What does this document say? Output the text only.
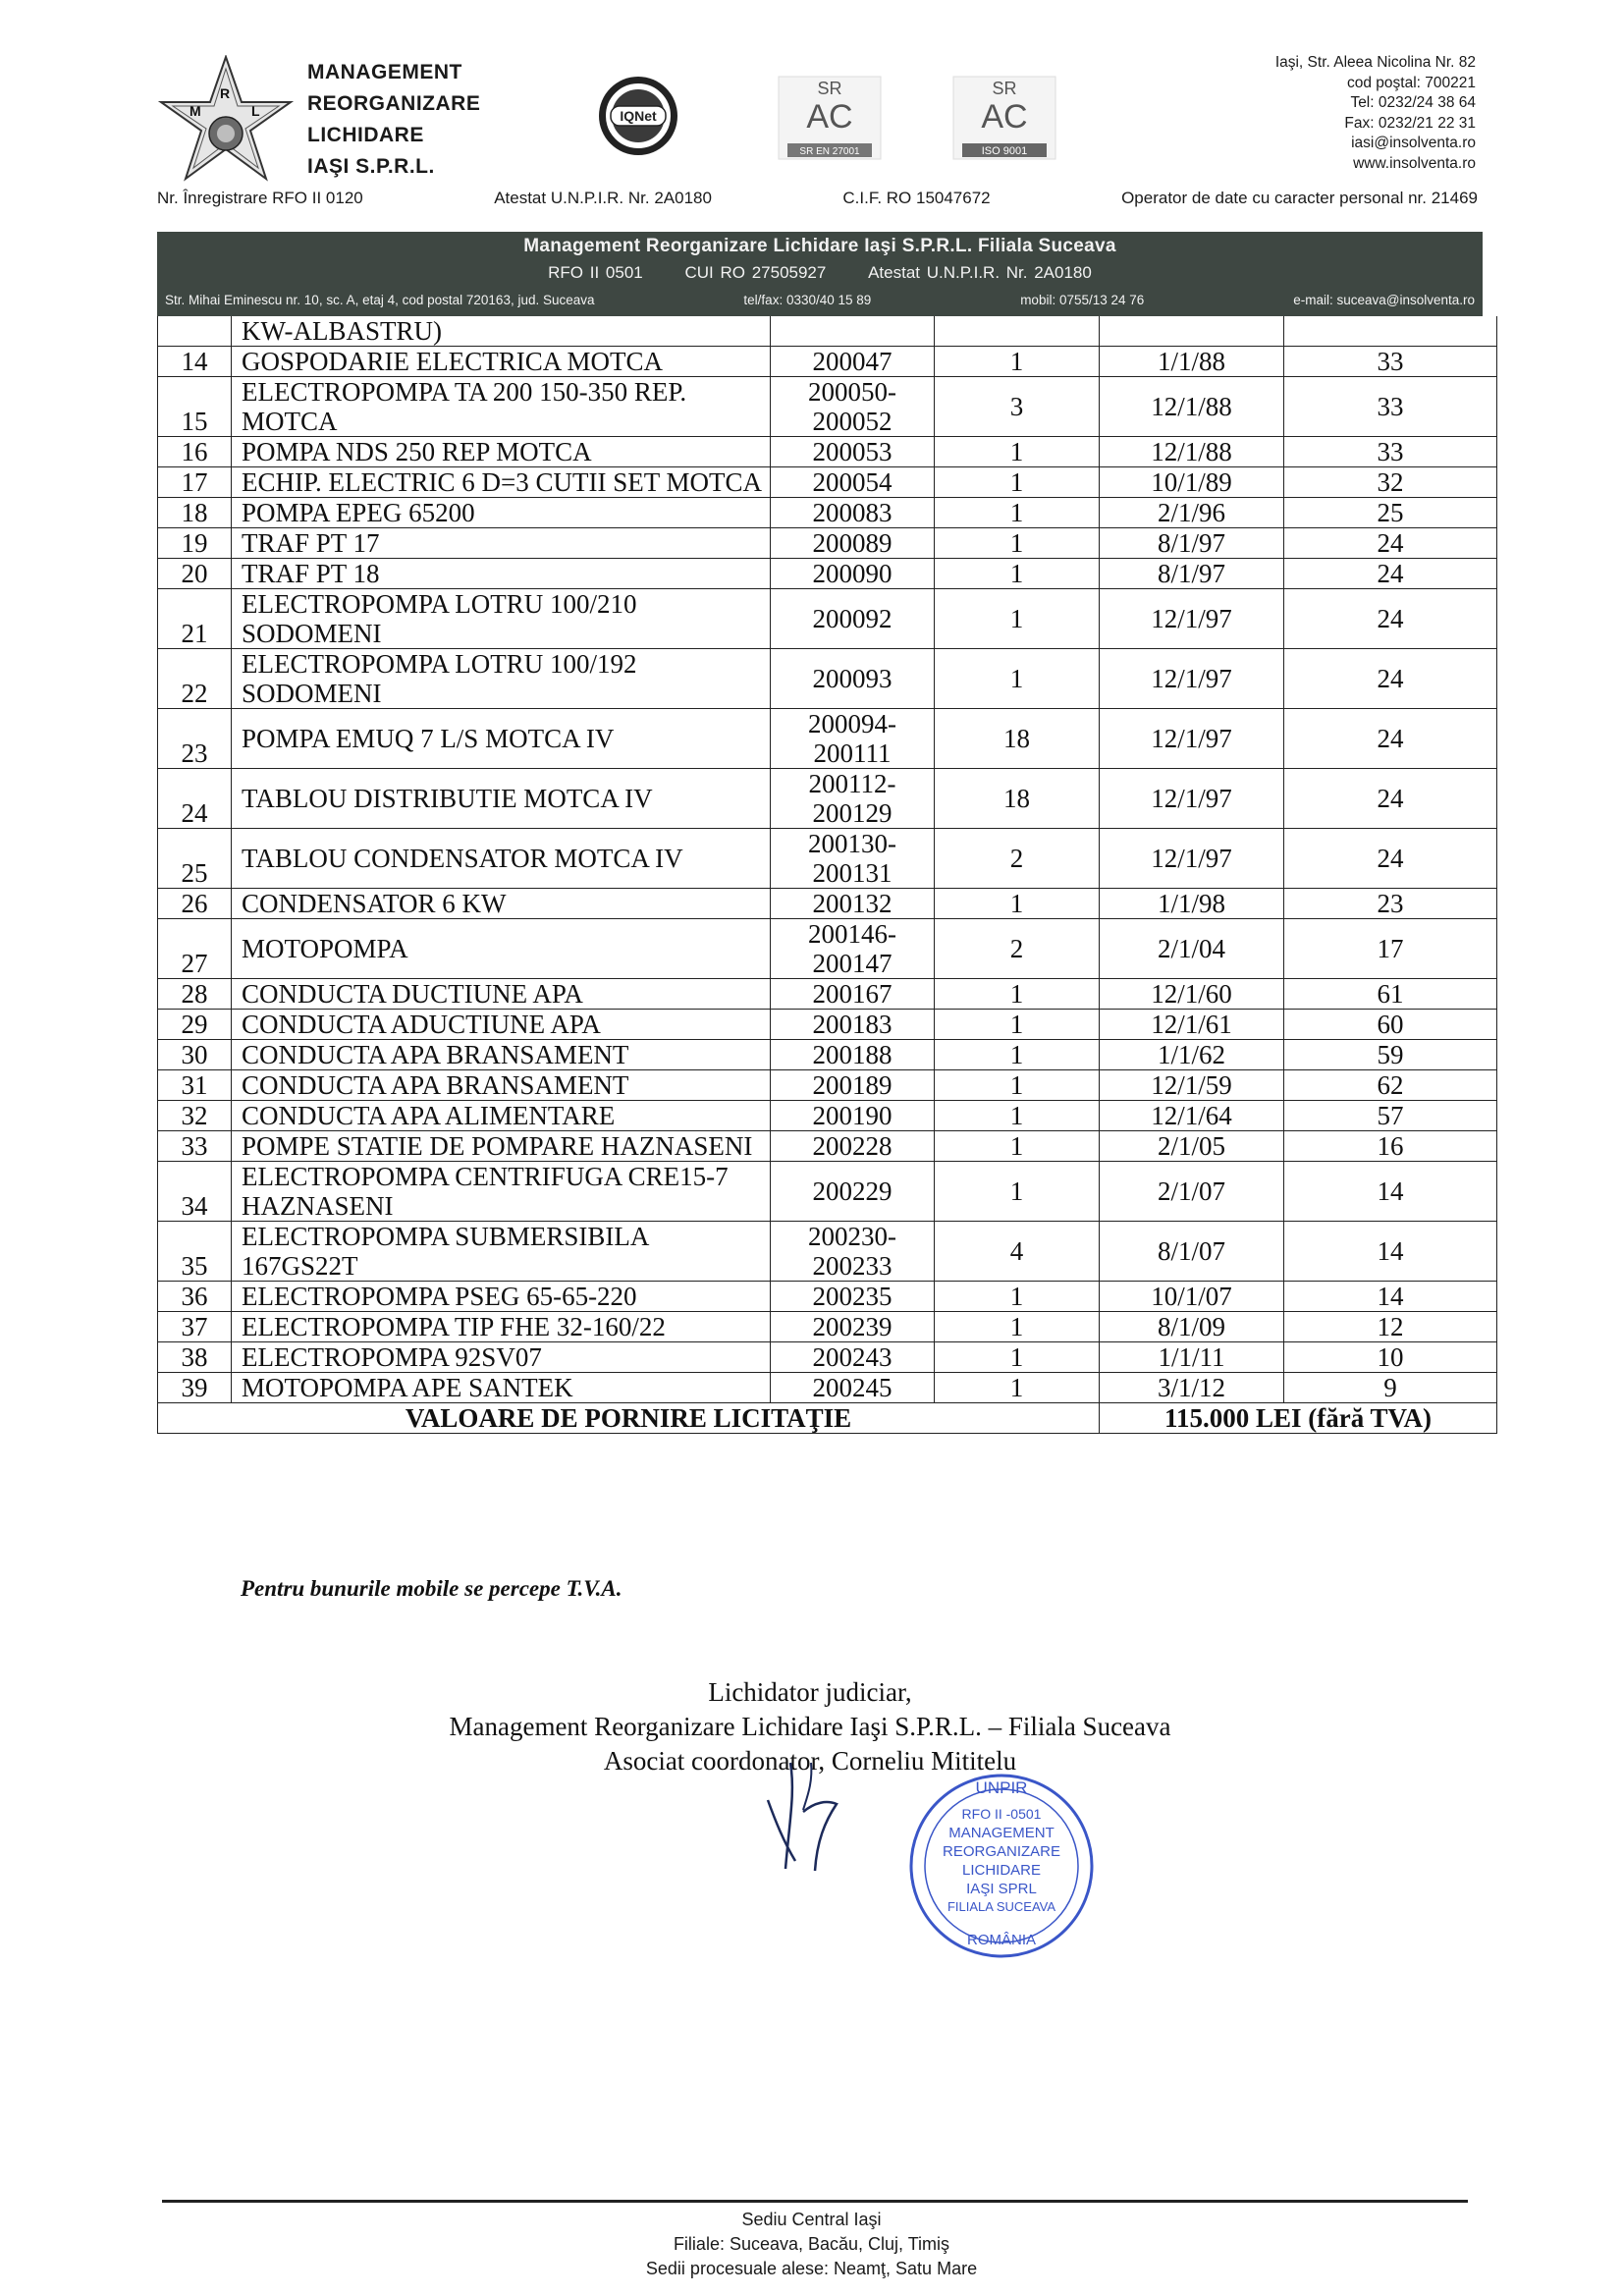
M
R
L
MANAGEMENT
REORGANIZARE
LICHIDARE
IAŞI S.P.R.L.
IQNet
SR
AC
SR EN 27001
SR
AC
ISO 9001
Iaşi, Str. Aleea Nicolina Nr. 82
cod poştal: 700221
Tel: 0232/24 38 64
Fax: 0232/21 22 31
iasi@insolventa.ro
www.insolventa.ro
Nr. Înregistrare RFO II 0120	Atestat U.N.P.I.R. Nr. 2A0180	C.I.F. RO 15047672	Operator de date cu caracter personal nr. 21469
Management Reorganizare Lichidare Iaşi S.P.R.L. Filiala Suceava
RFO II 0501	CUI RO 27505927	Atestat U.N.P.I.R. Nr. 2A0180
Str. Mihai Eminescu nr. 10, sc. A, etaj 4, cod postal 720163, jud. Suceava	tel/fax: 0330/40 15 89	mobil: 0755/13 24 76	e-mail: suceava@insolventa.ro
	KW-ALBASTRU)				
14	GOSPODARIE ELECTRICA MOTCA	200047	1	1/1/88	33
15	ELECTROPOMPA TA 200 150-350 REP. MOTCA	200050-200052	3	12/1/88	33
16	POMPA NDS 250 REP MOTCA	200053	1	12/1/88	33
17	ECHIP. ELECTRIC 6 D=3 CUTII SET MOTCA	200054	1	10/1/89	32
18	POMPA EPEG 65200	200083	1	2/1/96	25
19	TRAF PT 17	200089	1	8/1/97	24
20	TRAF PT 18	200090	1	8/1/97	24
21	ELECTROPOMPA LOTRU 100/210 SODOMENI	200092	1	12/1/97	24
22	ELECTROPOMPA LOTRU 100/192 SODOMENI	200093	1	12/1/97	24
23	POMPA EMUQ 7 L/S MOTCA IV	200094-200111	18	12/1/97	24
24	TABLOU DISTRIBUTIE MOTCA IV	200112-200129	18	12/1/97	24
25	TABLOU CONDENSATOR MOTCA IV	200130-200131	2	12/1/97	24
26	CONDENSATOR 6 KW	200132	1	1/1/98	23
27	MOTOPOMPA	200146-200147	2	2/1/04	17
28	CONDUCTA DUCTIUNE APA	200167	1	12/1/60	61
29	CONDUCTA ADUCTIUNE APA	200183	1	12/1/61	60
30	CONDUCTA APA BRANSAMENT	200188	1	1/1/62	59
31	CONDUCTA APA BRANSAMENT	200189	1	12/1/59	62
32	CONDUCTA APA ALIMENTARE	200190	1	12/1/64	57
33	POMPE STATIE DE POMPARE HAZNASENI	200228	1	2/1/05	16
34	ELECTROPOMPA CENTRIFUGA CRE15-7 HAZNASENI	200229	1	2/1/07	14
35	ELECTROPOMPA SUBMERSIBILA 167GS22T	200230-200233	4	8/1/07	14
36	ELECTROPOMPA PSEG 65-65-220	200235	1	10/1/07	14
37	ELECTROPOMPA TIP FHE 32-160/22	200239	1	8/1/09	12
38	ELECTROPOMPA 92SV07	200243	1	1/1/11	10
39	MOTOPOMPA APE SANTEK	200245	1	3/1/12	9
VALOARE DE PORNIRE LICITAŢIE				115.000 LEI (fără TVA)	
Pentru bunurile mobile se percepe T.V.A.
Lichidator judiciar,
Management Reorganizare Lichidare Iaşi S.P.R.L. – Filiala Suceava
Asociat coordonator, Corneliu Mititelu
UNPIR
RFO II -0501
MANAGEMENT
REORGANIZARE
LICHIDARE
IAŞI SPRL
FILIALA SUCEAVA
ROMÂNIA
Sediu Central Iaşi
Filiale: Suceava, Bacău, Cluj, Timiş
Sedii procesuale alese: Neamţ, Satu Mare
